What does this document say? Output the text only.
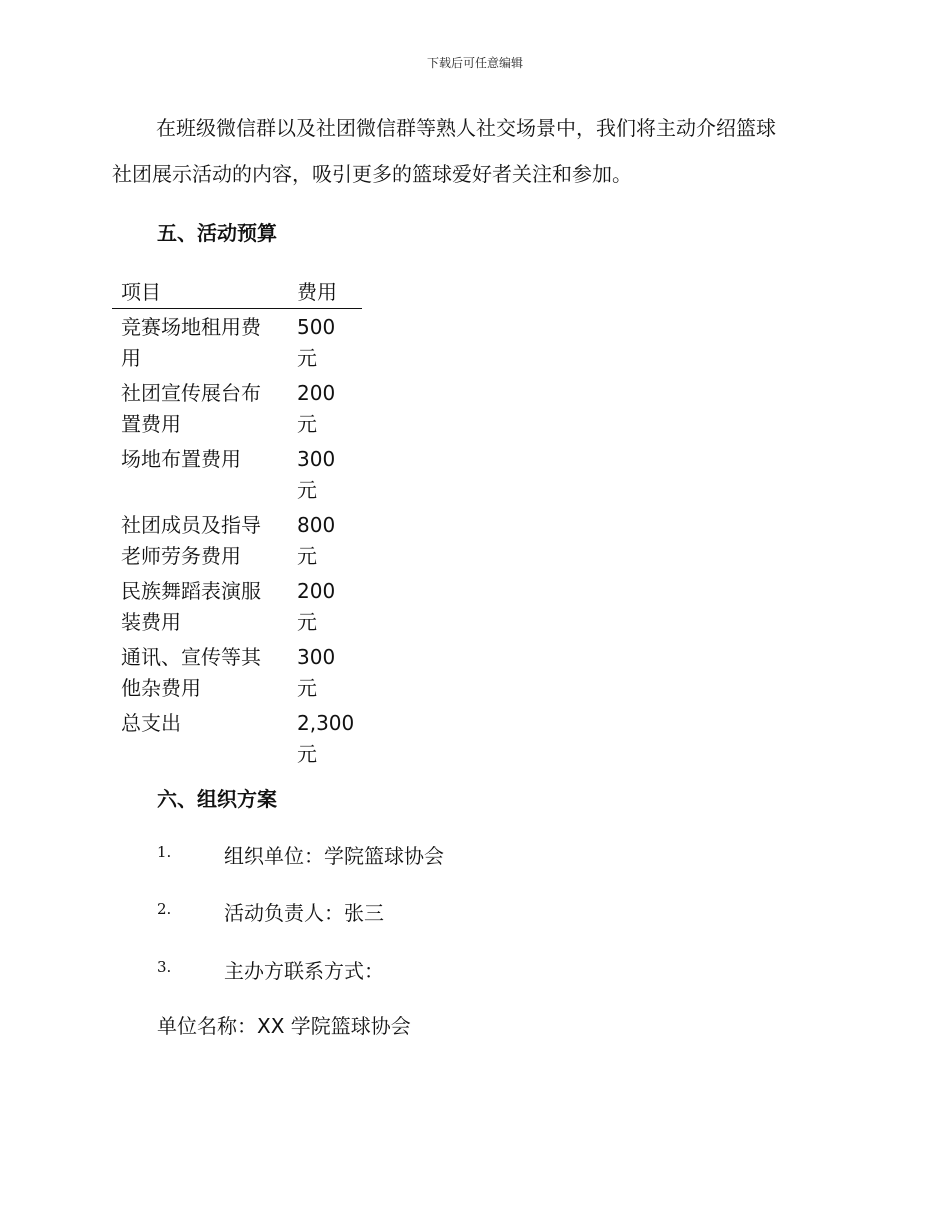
下载后可任意编辑
在班级微信群以及社团微信群等熟人社交场景中，我们将主动介绍篮球
社团展示活动的内容，吸引更多的篮球爱好者关注和参加。
五、活动预算
项目	费用
竞赛场地租用费用	500元
社团宣传展台布置费用	200元
场地布置费用	300元
社团成员及指导老师劳务费用	800元
民族舞蹈表演服装费用	200元
通讯、宣传等其他杂费用	300元
总支出	2,300元
六、组织方案
1.	组织单位：学院篮球协会
2.	活动负责人：张三
3.	主办方联系方式：
单位名称：XX 学院篮球协会
